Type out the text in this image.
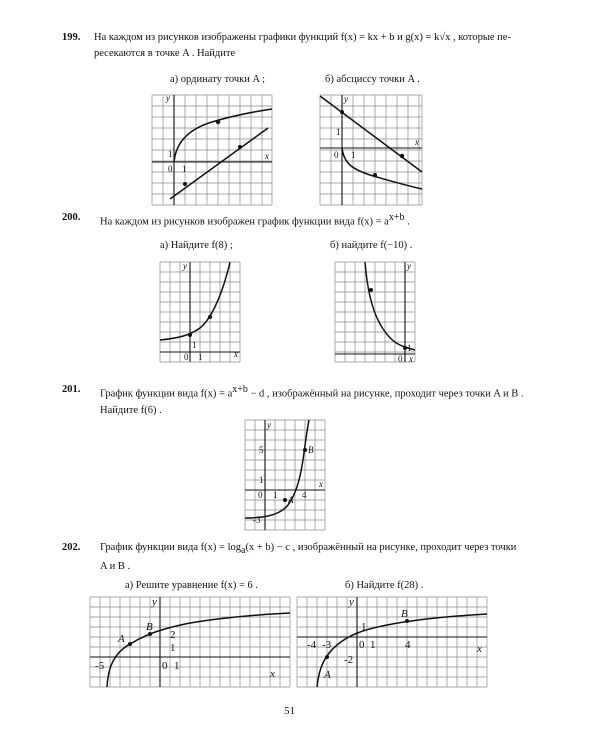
199. На каждом из рисунков изображены графики функций f(x) = kx + b и g(x) = k√x , которые пе-
ресекаются в точке A . Найдите
а) ординату точки A ;	б) абсциссу точки A .
y
x
0 1
1
y
x
0 1
1
200. На каждом из рисунков изображен график функции вида $f(x) = a^{x+b}$ .
а) Найдите f(8) ;	б) найдите f(−10) .
y
x
0 1
1
y
x
0
1
201. График функции вида $f(x) = a^{x+b} - d$ , изображённый на рисунке, проходит через точки A и B .
Найдите f(6) .
A
B
y
x
0 1	4
1
5
-3
202. График функции вида $f(x) = \log_a(x + b) - c$ , изображённый на рисунке, проходит через точки
A и B .
а) Решите уравнение f(x) = 6 .	б) Найдите f(28) .
A
B
y
x
-5	0 1
2
1
A
B
y
x
-4 -3	0 1	4
1
-2
51
